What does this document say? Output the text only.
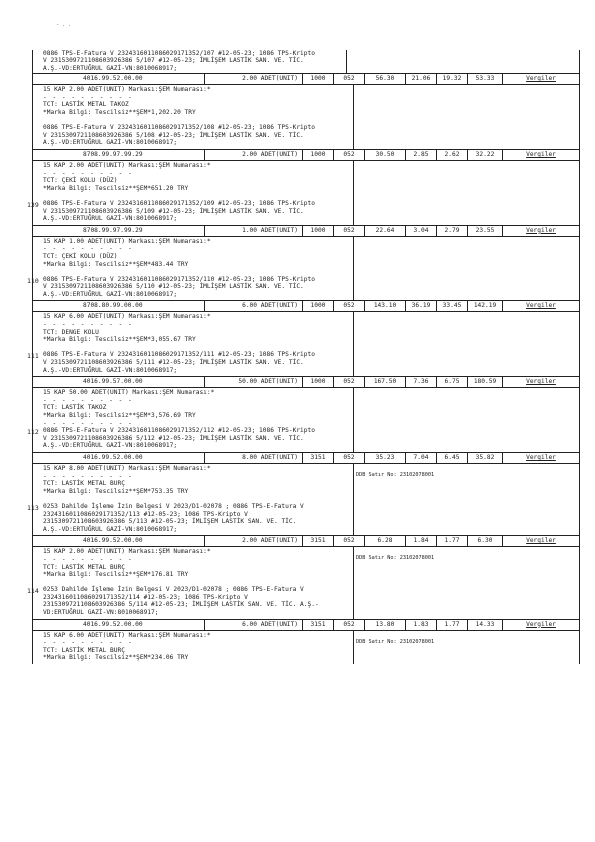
- . .
0886 TPS-E-Fatura V 2324316011086029171352/107 #12-05-23; 1086 TPS-Kripto
V 2315309721108603926386 5/107 #12-05-23; İMLİŞEM LASTİK SAN. VE. TİC.
A.Ş.-VD:ERTUĞRUL GAZİ-VN:8010068917;
4016.99.52.00.00	2.00 ADET(UNIT)	1000	052	56.30	21.06	19.32	53.33	Vergiler
15 KAP 2.00 ADET(UNIT) Markası:ŞEM Numarası:*
- - - - - - - - - -
TCT: LASTİK METAL TAKOZ
*Marka Bilgi: Tescilsiz**ŞEM*1,202.20 TRY

0886 TPS-E-Fatura V 2324316011086029171352/108 #12-05-23; 1086 TPS-Kripto
V 2315309721108603926386 5/108 #12-05-23; İMLİŞEM LASTİK SAN. VE. TİC.
A.Ş.-VD:ERTUĞRUL GAZİ-VN:8010068917;
8708.99.97.99.29	2.00 ADET(UNIT)	1000	052	30.50	2.85	2.62	32.22	Vergiler
139
15 KAP 2.00 ADET(UNIT) Markası:ŞEM Numarası:*
- - - - - - - - - -
TCT: ÇEKİ KOLU (DÜZ)
*Marka Bilgi: Tescilsiz**ŞEM*651.20 TRY

0886 TPS-E-Fatura V 2324316011086029171352/109 #12-05-23; 1086 TPS-Kripto
V 2315309721108603926386 5/109 #12-05-23; İMLİŞEM LASTİK SAN. VE. TİC.
A.Ş.-VD:ERTUĞRUL GAZİ-VN:8010068917;
8708.99.97.99.29	1.00 ADET(UNIT)	1000	052	22.64	3.04	2.79	23.55	Vergiler
110
15 KAP 1.00 ADET(UNIT) Markası:ŞEM Numarası:*
- - - - - - - - - -
TCT: ÇEKİ KOLU (DÜZ)
*Marka Bilgi: Tescilsiz**ŞEM*483.44 TRY

0886 TPS-E-Fatura V 2324316011086029171352/110 #12-05-23; 1086 TPS-Kripto
V 2315309721108603926386 5/110 #12-05-23; İMLİŞEM LASTİK SAN. VE. TİC.
A.Ş.-VD:ERTUĞRUL GAZİ-VN:8010068917;
8708.80.99.00.00	6.00 ADET(UNIT)	1000	052	143.10	36.19	33.45	142.19	Vergiler
111
15 KAP 6.00 ADET(UNIT) Markası:ŞEM Numarası:*
- - - - - - - - - -
TCT: DENGE KOLU
*Marka Bilgi: Tescilsiz**ŞEM*3,055.67 TRY

0886 TPS-E-Fatura V 2324316011086029171352/111 #12-05-23; 1086 TPS-Kripto
V 2315309721108603926386 5/111 #12-05-23; İMLİŞEM LASTİK SAN. VE. TİC.
A.Ş.-VD:ERTUĞRUL GAZİ-VN:8010068917;
4016.99.57.00.00	50.00 ADET(UNIT)	1000	052	167.50	7.36	6.75	180.59	Vergiler
112
15 KAP 50.00 ADET(UNIT) Markası:ŞEM Numarası:*
- - - - - - - - - -
TCT: LASTİK TAKOZ
*Marka Bilgi: Tescilsiz**ŞEM*3,576.69 TRY
- - - - - - - - - -
0886 TPS-E-Fatura V 2324316011086029171352/112 #12-05-23; 1086 TPS-Kripto
V 2315309721108603926386 5/112 #12-05-23; İMLİŞEM LASTİK SAN. VE. TİC.
A.Ş.-VD:ERTUĞRUL GAZİ-VN:8010068917;
4016.99.52.00.00	8.00 ADET(UNIT)	3151	052	35.23	7.04	6.45	35.82	Vergiler
113
15 KAP 8.00 ADET(UNIT) Markası:ŞEM Numarası:*
- - - - - - - - - -
TCT: LASTİK METAL BURÇ
*Marka Bilgi: Tescilsiz**ŞEM*753.35 TRY

0253 Dahilde İşleme İzin Belgesi V 2023/D1-02078 ; 0886 TPS-E-Fatura V
2324316011086029171352/113 #12-05-23; 1086 TPS-Kripto V
2315309721108603926386 5/113 #12-05-23; İMLİŞEM LASTİK SAN. VE. TİC.
A.Ş.-VD:ERTUĞRUL GAZİ-VN:8010068917;
DDB Satır No: 23102078001
4016.99.52.00.00	2.00 ADET(UNIT)	3151	052	6.28	1.84	1.77	6.30	Vergiler
114
15 KAP 2.00 ADET(UNIT) Markası:ŞEM Numarası:*
- - - - - - - - - -
TCT: LASTİK METAL BURÇ
*Marka Bilgi: Tescilsiz**ŞEM*176.81 TRY

0253 Dahilde İşleme İzin Belgesi V 2023/D1-02078 ; 0886 TPS-E-Fatura V
2324316011086029171352/114 #12-05-23; 1086 TPS-Kripto V
2315309721108603926386 5/114 #12-05-23; İMLİŞEM LASTİK SAN. VE. TİC. A.Ş.-
VD:ERTUĞRUL GAZİ-VN:8010068917;
DDB Satır No: 23102078001
4016.99.52.00.00	6.00 ADET(UNIT)	3151	052	13.80	1.83	1.77	14.33	Vergiler
15 KAP 6.00 ADET(UNIT) Markası:ŞEM Numarası:*
- - - - - - - - - -
TCT: LASTİK METAL BURÇ
*Marka Bilgi: Tescilsiz**ŞEM*234.06 TRY
DDB Satır No: 23102078001
